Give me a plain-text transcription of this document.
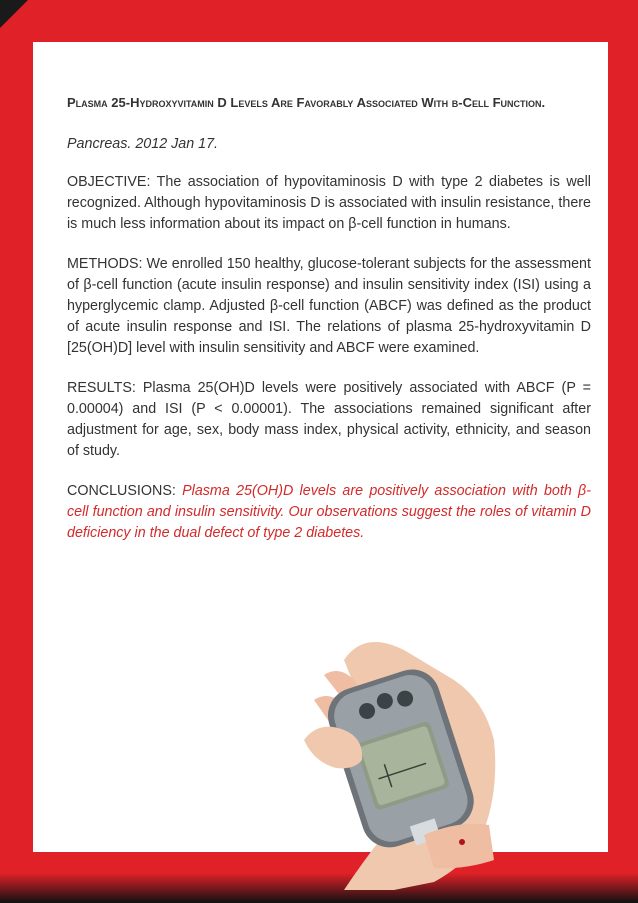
Plasma 25-Hydroxyvitamin D Levels Are Favorably Associated With β-Cell Function.
Pancreas. 2012 Jan 17.

OBJECTIVE: The association of hypovitaminosis D with type 2 diabetes is well recognized. Although hypovitaminosis D is associated with insulin resistance, there is much less information about its impact on β-cell function in humans.

METHODS: We enrolled 150 healthy, glucose-tolerant subjects for the assessment of β-cell function (acute insulin response) and insulin sensitivity index (ISI) using a hyperglycemic clamp. Adjusted β-cell function (ABCF) was defined as the product of acute insulin response and ISI. The relations of plasma 25-hydroxyvitamin D [25(OH)D] level with insulin sensitivity and ABCF were examined.

RESULTS: Plasma 25(OH)D levels were positively associated with ABCF (P = 0.00004) and ISI (P < 0.00001). The associations remained significant after adjustment for age, sex, body mass index, physical activity, ethnicity, and season of study.

CONCLUSIONS: Plasma 25(OH)D levels are positively association with both β-cell function and insulin sensitivity. Our observations suggest the roles of vitamin D deficiency in the dual defect of type 2 diabetes.
